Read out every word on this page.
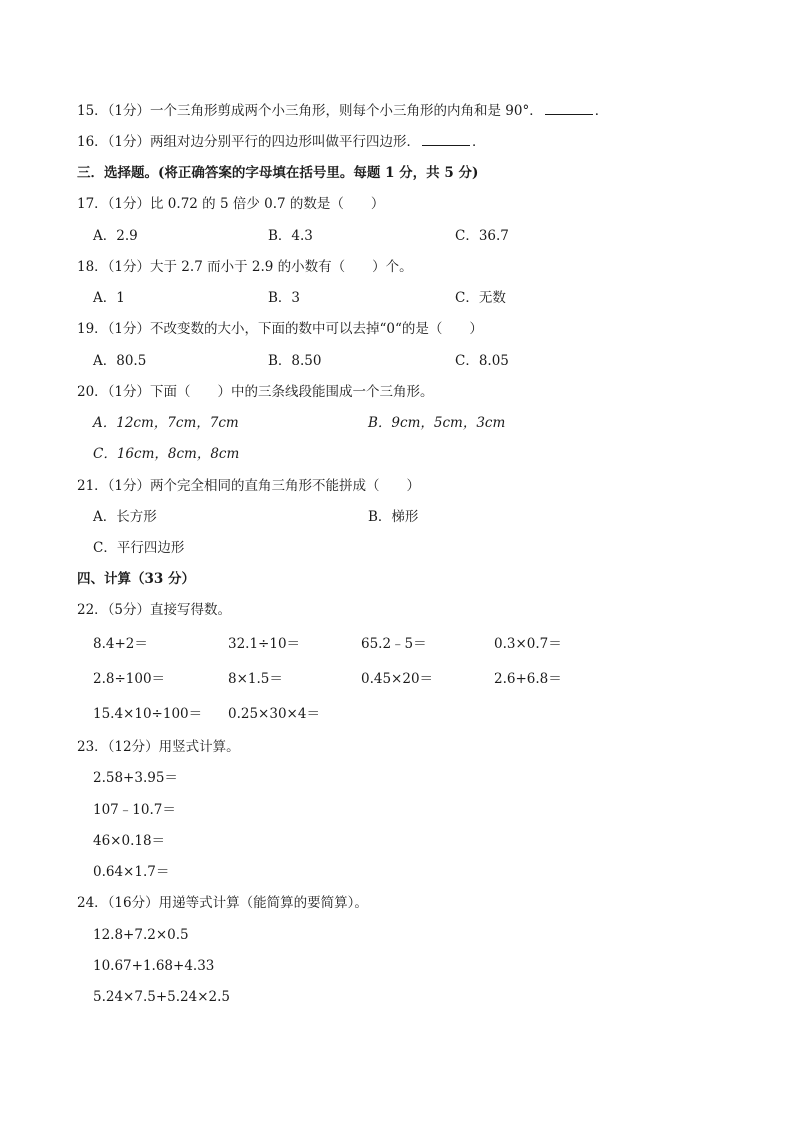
15．（1分）一个三角形剪成两个小三角形，则每个小三角形的内角和是 90°．	．
16．（1分）两组对边分别平行的四边形叫做平行四边形．	．
三．选择题。(将正确答案的字母填在括号里。每题 1 分，共 5 分)
17．（1分）比 0.72 的 5 倍少 0.7 的数是（　　）
A．2.9	B．4.3	C．36.7
18．（1分）大于 2.7 而小于 2.9 的小数有（　　）个。
A．1	B．3	C．无数
19．（1分）不改变数的大小，下面的数中可以去掉“0“的是（　　）
A．80.5	B．8.50	C．8.05
20．（1分）下面（　　）中的三条线段能围成一个三角形。
A．12cm，7cm，7cm	B．9cm，5cm，3cm
C．16cm，8cm，8cm
21．（1分）两个完全相同的直角三角形不能拼成（　　）
A．长方形	B．梯形
C．平行四边形
四、计算（33 分）
22．（5分）直接写得数。
8.4+2＝	32.1÷10＝	65.2﹣5＝	0.3×0.7＝
2.8÷100＝	8×1.5＝	0.45×20＝	2.6+6.8＝
15.4×10÷100＝ 0.25×30×4＝
23．（12分）用竖式计算。
2.58+3.95＝
107﹣10.7＝
46×0.18＝
0.64×1.7＝
24．（16分）用递等式计算（能简算的要简算）。
12.8+7.2×0.5
10.67+1.68+4.33
5.24×7.5+5.24×2.5
